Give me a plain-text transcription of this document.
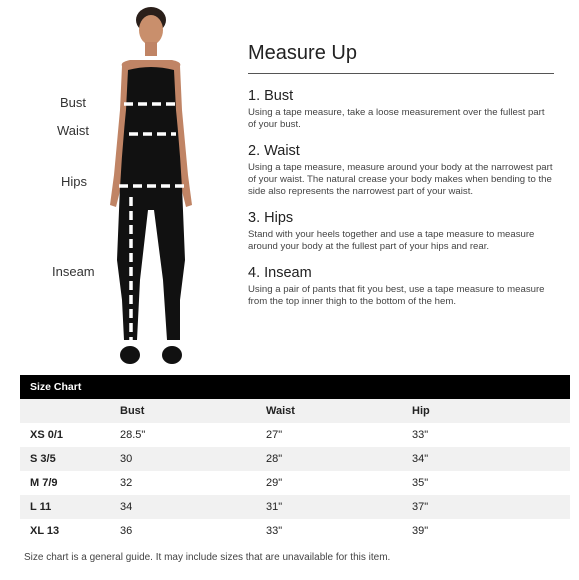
Bust
Waist
Hips
Inseam
Measure Up
1. Bust
Using a tape measure, take a loose measurement over the fullest part of your bust.
2. Waist
Using a tape measure, measure around your body at the narrowest part of your waist. The natural crease your body makes when bending to the side also represents the narrowest part of your waist.
3. Hips
Stand with your heels together and use a tape measure to measure around your body at the fullest part of your hips and rear.
4. Inseam
Using a pair of pants that fit you best, use a tape measure to measure from the top inner thigh to the bottom of the hem.
Size Chart
	Bust	Waist	Hip
XS 0/1	28.5"	27"	33"
S 3/5	30	28"	34"
M 7/9	32	29"	35"
L 11	34	31"	37"
XL 13	36	33"	39"
Size chart is a general guide. It may include sizes that are unavailable for this item.
